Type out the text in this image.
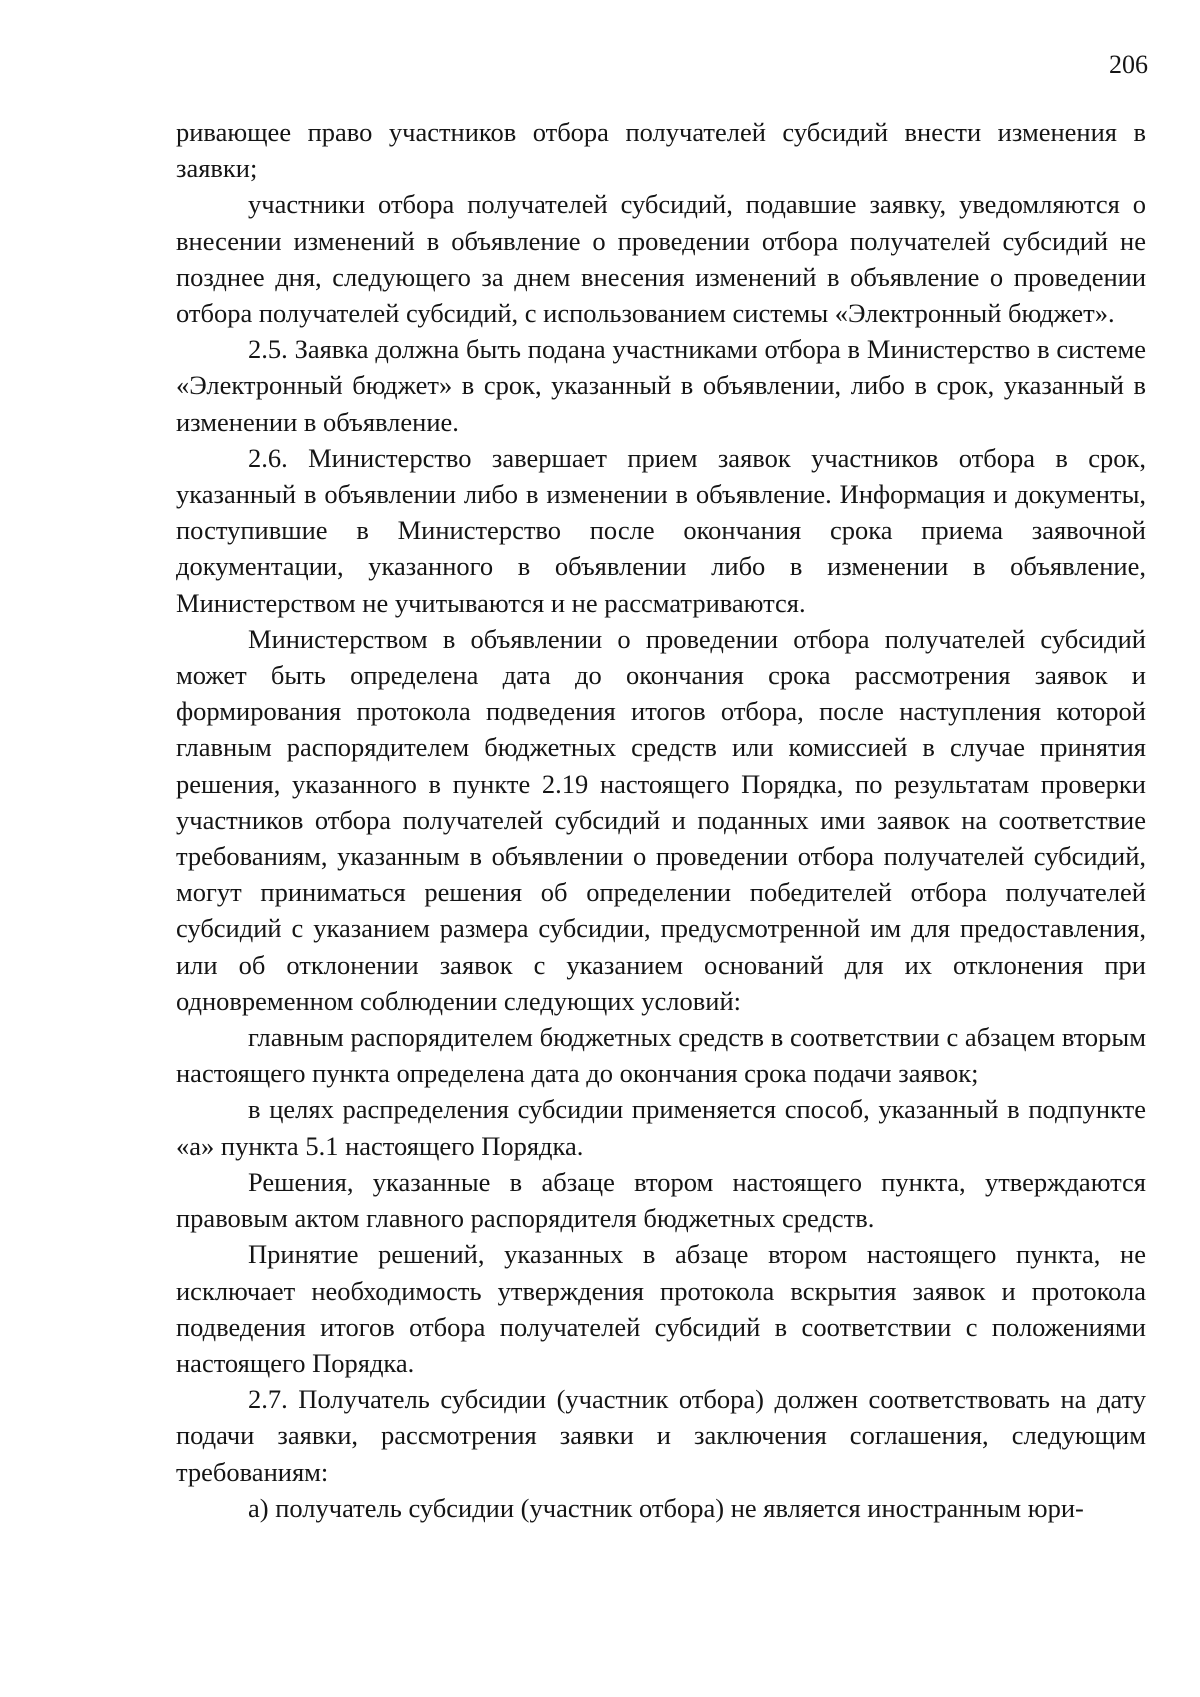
206

ривающее право участников отбора получателей субсидий внести изменения в заявки;

участники отбора получателей субсидий, подавшие заявку, уведомляются о внесении изменений в объявление о проведении отбора получателей субсидий не позднее дня, следующего за днем внесения изменений в объявление о проведении отбора получателей субсидий, с использованием системы «Электронный бюджет».

2.5. Заявка должна быть подана участниками отбора в Министерство в системе «Электронный бюджет» в срок, указанный в объявлении, либо в срок, указанный в изменении в объявление.

2.6. Министерство завершает прием заявок участников отбора в срок, указанный в объявлении либо в изменении в объявление. Информация и документы, поступившие в Министерство после окончания срока приема заявочной документации, указанного в объявлении либо в изменении в объявление, Министерством не учитываются и не рассматриваются.

Министерством в объявлении о проведении отбора получателей субсидий может быть определена дата до окончания срока рассмотрения заявок и формирования протокола подведения итогов отбора, после наступления которой главным распорядителем бюджетных средств или комиссией в случае принятия решения, указанного в пункте 2.19 настоящего Порядка, по результатам проверки участников отбора получателей субсидий и поданных ими заявок на соответствие требованиям, указанным в объявлении о проведении отбора получателей субсидий, могут приниматься решения об определении победителей отбора получателей субсидий с указанием размера субсидии, предусмотренной им для предоставления, или об отклонении заявок с указанием оснований для их отклонения при одновременном соблюдении следующих условий:

главным распорядителем бюджетных средств в соответствии с абзацем вторым настоящего пункта определена дата до окончания срока подачи заявок;

в целях распределения субсидии применяется способ, указанный в подпункте «а» пункта 5.1 настоящего Порядка.

Решения, указанные в абзаце втором настоящего пункта, утверждаются правовым актом главного распорядителя бюджетных средств.

Принятие решений, указанных в абзаце втором настоящего пункта, не исключает необходимость утверждения протокола вскрытия заявок и протокола подведения итогов отбора получателей субсидий в соответствии с положениями настоящего Порядка.

2.7. Получатель субсидии (участник отбора) должен соответствовать на дату подачи заявки, рассмотрения заявки и заключения соглашения, следующим требованиям:

а) получатель субсидии (участник отбора) не является иностранным юри-
